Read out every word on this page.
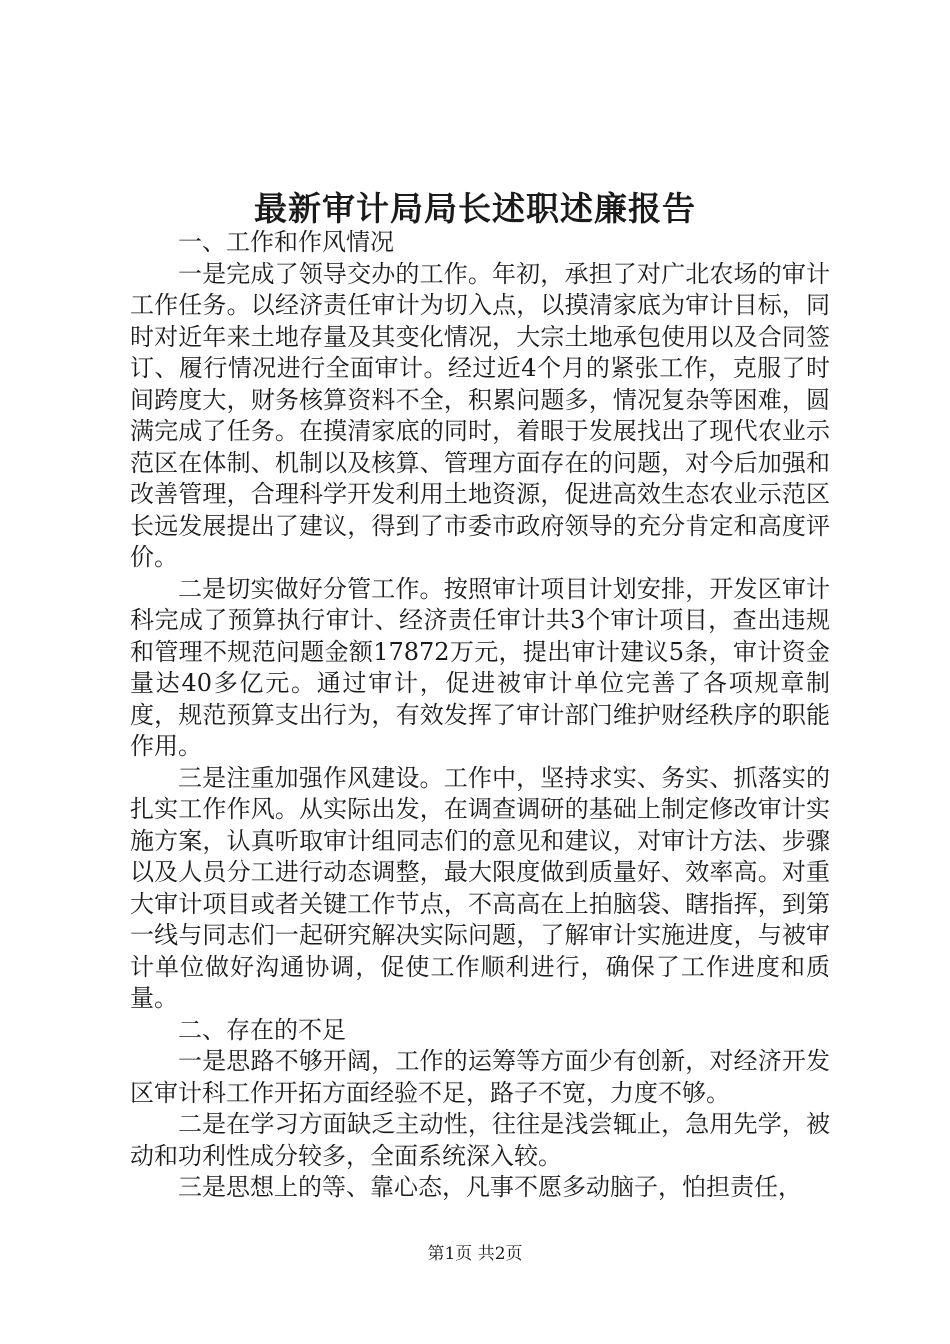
最新审计局局长述职述廉报告

一、工作和作风情况

一是完成了领导交办的工作。年初，承担了对广北农场的审计工作任务。以经济责任审计为切入点，以摸清家底为审计目标，同时对近年来土地存量及其变化情况，大宗土地承包使用以及合同签订、履行情况进行全面审计。经过近4个月的紧张工作，克服了时间跨度大，财务核算资料不全，积累问题多，情况复杂等困难，圆满完成了任务。在摸清家底的同时，着眼于发展找出了现代农业示范区在体制、机制以及核算、管理方面存在的问题，对今后加强和改善管理，合理科学开发利用土地资源，促进高效生态农业示范区长远发展提出了建议，得到了市委市政府领导的充分肯定和高度评价。

二是切实做好分管工作。按照审计项目计划安排，开发区审计科完成了预算执行审计、经济责任审计共3个审计项目，查出违规和管理不规范问题金额17872万元，提出审计建议5条，审计资金量达40多亿元。通过审计，促进被审计单位完善了各项规章制度，规范预算支出行为，有效发挥了审计部门维护财经秩序的职能作用。

三是注重加强作风建设。工作中，坚持求实、务实、抓落实的扎实工作作风。从实际出发，在调查调研的基础上制定修改审计实施方案，认真听取审计组同志们的意见和建议，对审计方法、步骤以及人员分工进行动态调整，最大限度做到质量好、效率高。对重大审计项目或者关键工作节点，不高高在上拍脑袋、瞎指挥，到第一线与同志们一起研究解决实际问题，了解审计实施进度，与被审计单位做好沟通协调，促使工作顺利进行，确保了工作进度和质量。

二、存在的不足

一是思路不够开阔，工作的运筹等方面少有创新，对经济开发区审计科工作开拓方面经验不足，路子不宽，力度不够。

二是在学习方面缺乏主动性，往往是浅尝辄止，急用先学，被动和功利性成分较多，全面系统深入较。

三是思想上的等、靠心态，凡事不愿多动脑子，怕担责任，

第1页 共2页
